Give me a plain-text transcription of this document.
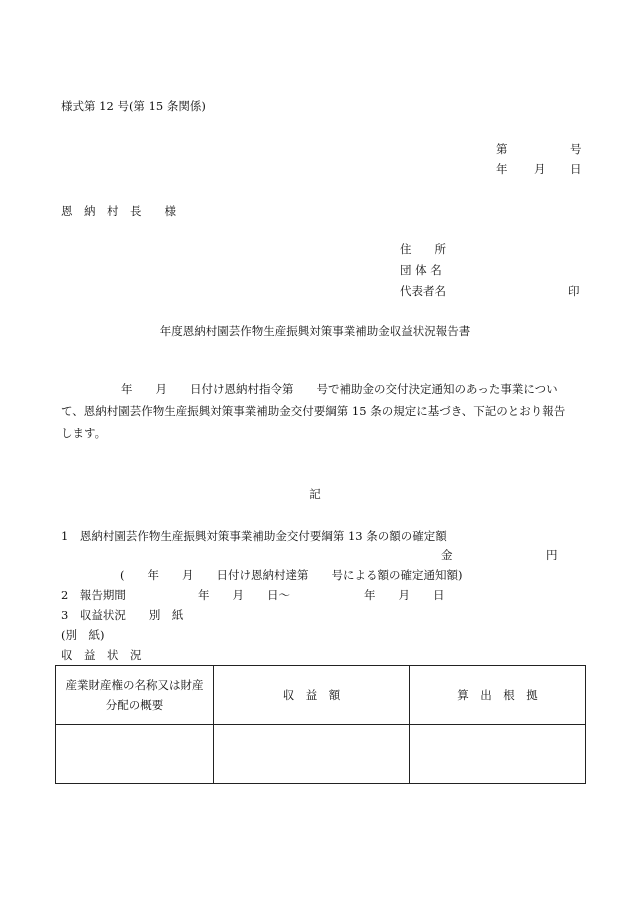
様式第 12 号(第 15 条関係)
第	号
年 月 日
恩　納　村　長　　様
住　　所
団 体 名
代表者名	印
年度恩納村園芸作物生産振興対策事業補助金収益状況報告書
年　　月　　日付け恩納村指令第　　号で補助金の交付決定通知のあった事業につい
て、恩納村園芸作物生産振興対策事業補助金交付要綱第 15 条の規定に基づき、下記のとおり報告
します。
記
1　恩納村園芸作物生産振興対策事業補助金交付要綱第 13 条の額の確定額
金	円
(　　年　　月　　日付け恩納村達第　　号による額の確定通知額)
2　報告期間	年　　月　　日〜	年　　月　　日
3　収益状況　　別　紙
(別　紙)
収　益　状　況
産業財産権の名称又は財産分配の概要	収　益　額	算　出　根　拠
